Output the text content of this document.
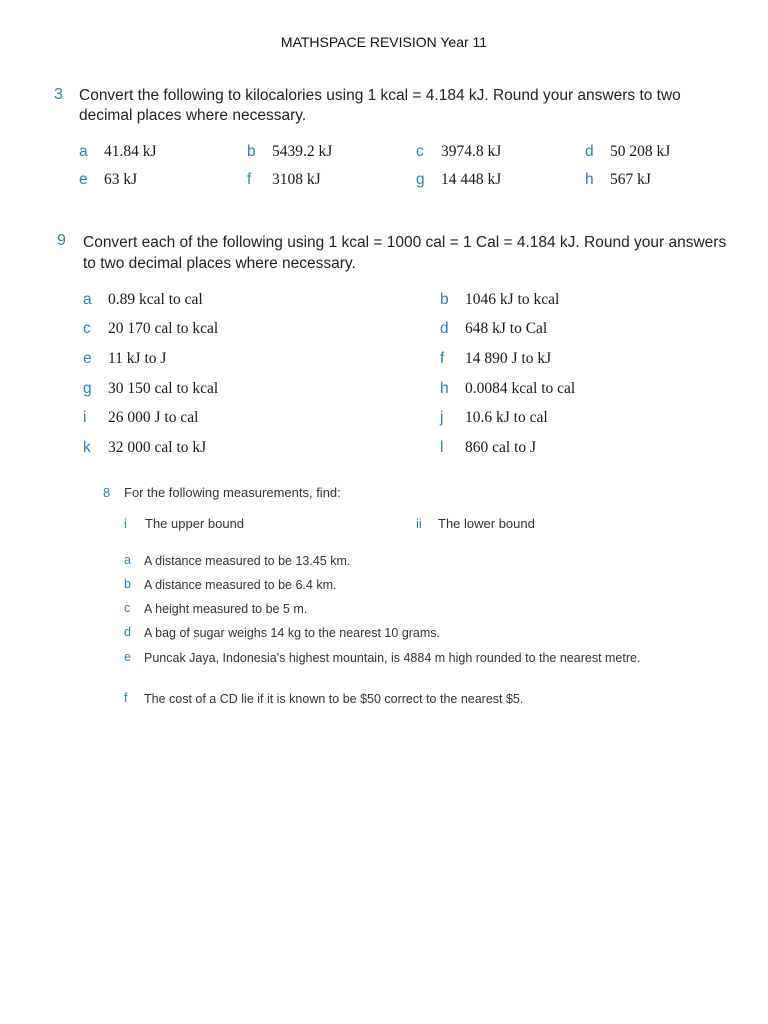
MATHSPACE REVISION Year 11
3 Convert the following to kilocalories using 1 kcal = 4.184 kJ. Round your answers to two decimal places where necessary.
a 41.84 kJ	b 5439.2 kJ	c 3974.8 kJ	d 50 208 kJ
e 63 kJ	f 3108 kJ	g 14 448 kJ	h 567 kJ
9 Convert each of the following using 1 kcal = 1000 cal = 1 Cal = 4.184 kJ. Round your answers to two decimal places where necessary.
a 0.89 kcal to cal	b 1046 kJ to kcal
c 20 170 cal to kcal	d 648 kJ to Cal
e 11 kJ to J	f 14 890 J to kJ
g 30 150 cal to kcal	h 0.0084 kcal to cal
i 26 000 J to cal	j 10.6 kJ to cal
k 32 000 cal to kJ	l 860 cal to J
8 For the following measurements, find:
i The upper bound	ii The lower bound
a A distance measured to be 13.45 km.
b A distance measured to be 6.4 km.
c A height measured to be 5 m.
d A bag of sugar weighs 14 kg to the nearest 10 grams.
e Puncak Jaya, Indonesia's highest mountain, is 4884 m high rounded to the nearest metre.
f The cost of a CD lie if it is known to be $50 correct to the nearest $5.
